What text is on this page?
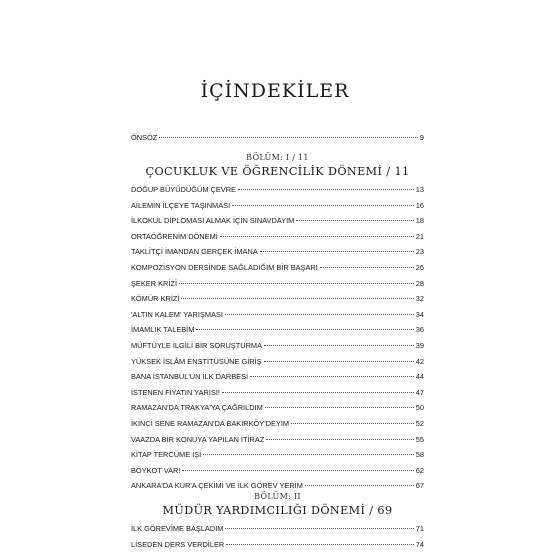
İÇİNDEKİLER
ÖNSÖZ	9
BÖLÜM: I / 11
ÇOCUKLUK VE ÖĞRENCİLİK DÖNEMİ / 11
DOĞUP BÜYÜDÜĞÜM ÇEVRE	13
AİLEMİN İLÇEYE TAŞINMASI	16
İLKOKUL DİPLOMASI ALMAK İÇİN SINAVDAYIM	18
ORTAÖĞRENİM DÖNEMİ	21
TAKLİTÇİ İMANDAN GERÇEK İMANA	23
KOMPOZİSYON DERSİNDE SAĞLADIĞIM BİR BAŞARI	26
ŞEKER KRİZİ	28
KÖMÜR KRİZİ	32
'ALTIN KALEM' YARIŞMASI	34
İMAMLIK TALEBİM	36
MÜFTÜYLE İLGİLİ BİR SORUŞTURMA	39
YÜKSEK İSLÂM ENSTİTÜSÜNE GİRİŞ	42
BANA İSTANBUL'UN İLK DARBESİ	44
İSTENEN FİYATIN YARISI!	47
RAMAZAN'DA TRAKYA'YA ÇAĞRILDIM	50
İKİNCİ SENE RAMAZAN'DA BAKIRKÖY'DEYİM	52
VAAZDA BİR KONUYA YAPILAN İTİRAZ	55
KİTAP TERCÜME İŞİ	58
BOYKOT VAR!	62
ANKARA'DA KUR'A ÇEKİMİ VE İLK GÖREV YERİM	67
BÖLÜM: II
MÜDÜR YARDIMCILIĞI DÖNEMİ / 69
İLK GÖREVİME BAŞLADIM	71
LİSEDEN DERS VERDİLER	74
